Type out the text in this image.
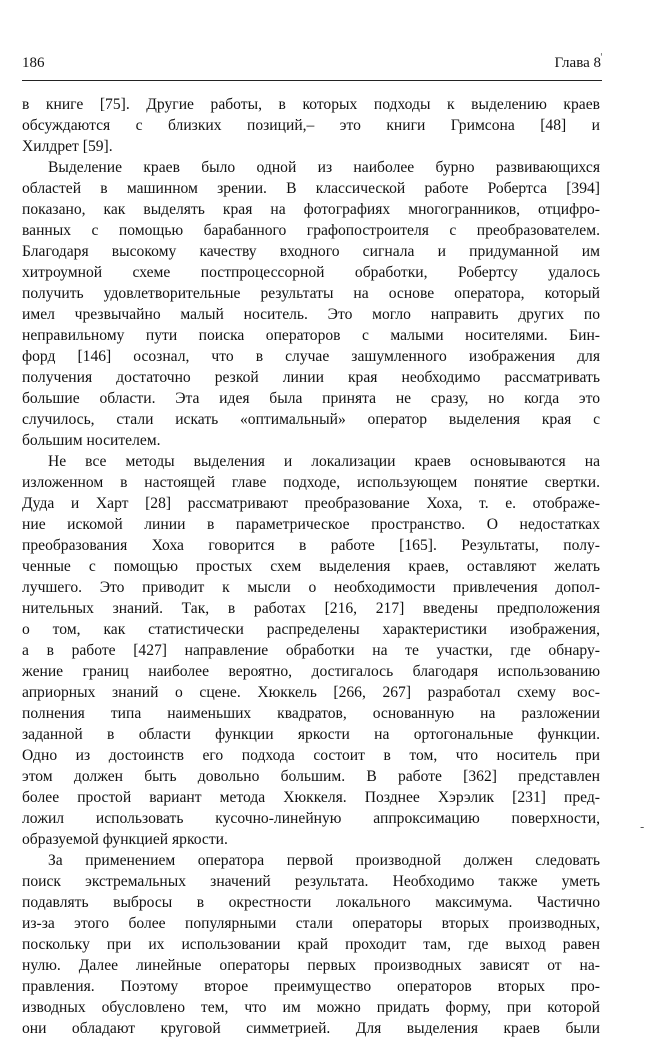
186	Глава 8 '
в книге [75]. Другие работы, в которых подходы к выделению краев
обсуждаются с близких позиций,– это книги Гримсона [48] и
Хилдрет [59].
Выделение краев было одной из наиболее бурно развивающихся
областей в машинном зрении. В классической работе Робертса [394]
показано, как выделять края на фотографиях многогранников, отцифро-
ванных с помощью барабанного графопостроителя с преобразователем.
Благодаря высокому качеству входного сигнала и придуманной им
хитроумной схеме постпроцессорной обработки, Робертсу удалось
получить удовлетворительные результаты на основе оператора, который
имел чрезвычайно малый носитель. Это могло направить других по
неправильному пути поиска операторов с малыми носителями. Бин-
форд [146] осознал, что в случае зашумленного изображения для
получения достаточно резкой линии края необходимо рассматривать
большие области. Эта идея была принята не сразу, но когда это
случилось, стали искать «оптимальный» оператор выделения края с
большим носителем.
Не все методы выделения и локализации краев основываются на
изложенном в настоящей главе подходе, использующем понятие свертки.
Дуда и Харт [28] рассматривают преобразование Хоха, т. е. отображе-
ние искомой линии в параметрическое пространство. О недостатках
преобразования Хоха говорится в работе [165]. Результаты, полу-
ченные с помощью простых схем выделения краев, оставляют желать
лучшего. Это приводит к мысли о необходимости привлечения допол-
нительных знаний. Так, в работах [216, 217] введены предположения
о том, как статистически распределены характеристики изображения,
а в работе [427] направление обработки на те участки, где обнару-
жение границ наиболее вероятно, достигалось благодаря использованию
априорных знаний о сцене. Хюккель [266, 267] разработал схему вос-
полнения типа наименьших квадратов, основанную на разложении
заданной в области функции яркости на ортогональные функции.
Одно из достоинств его подхода состоит в том, что носитель при
этом должен быть довольно большим. В работе [362] представлен
более простой вариант метода Хюккеля. Позднее Хэрэлик [231] пред-
ложил использовать кусочно-линейную аппроксимацию поверхности,
образуемой функцией яркости.
За применением оператора первой производной должен следовать
поиск экстремальных значений результата. Необходимо также уметь
подавлять выбросы в окрестности локального максимума. Частично
из-за этого более популярными стали операторы вторых производных,
поскольку при их использовании край проходит там, где выход равен
нулю. Далее линейные операторы первых производных зависят от на-
правления. Поэтому второе преимущество операторов вторых про-
изводных обусловлено тем, что им можно придать форму, при которой
они обладают круговой симметрией. Для выделения краев были
-
